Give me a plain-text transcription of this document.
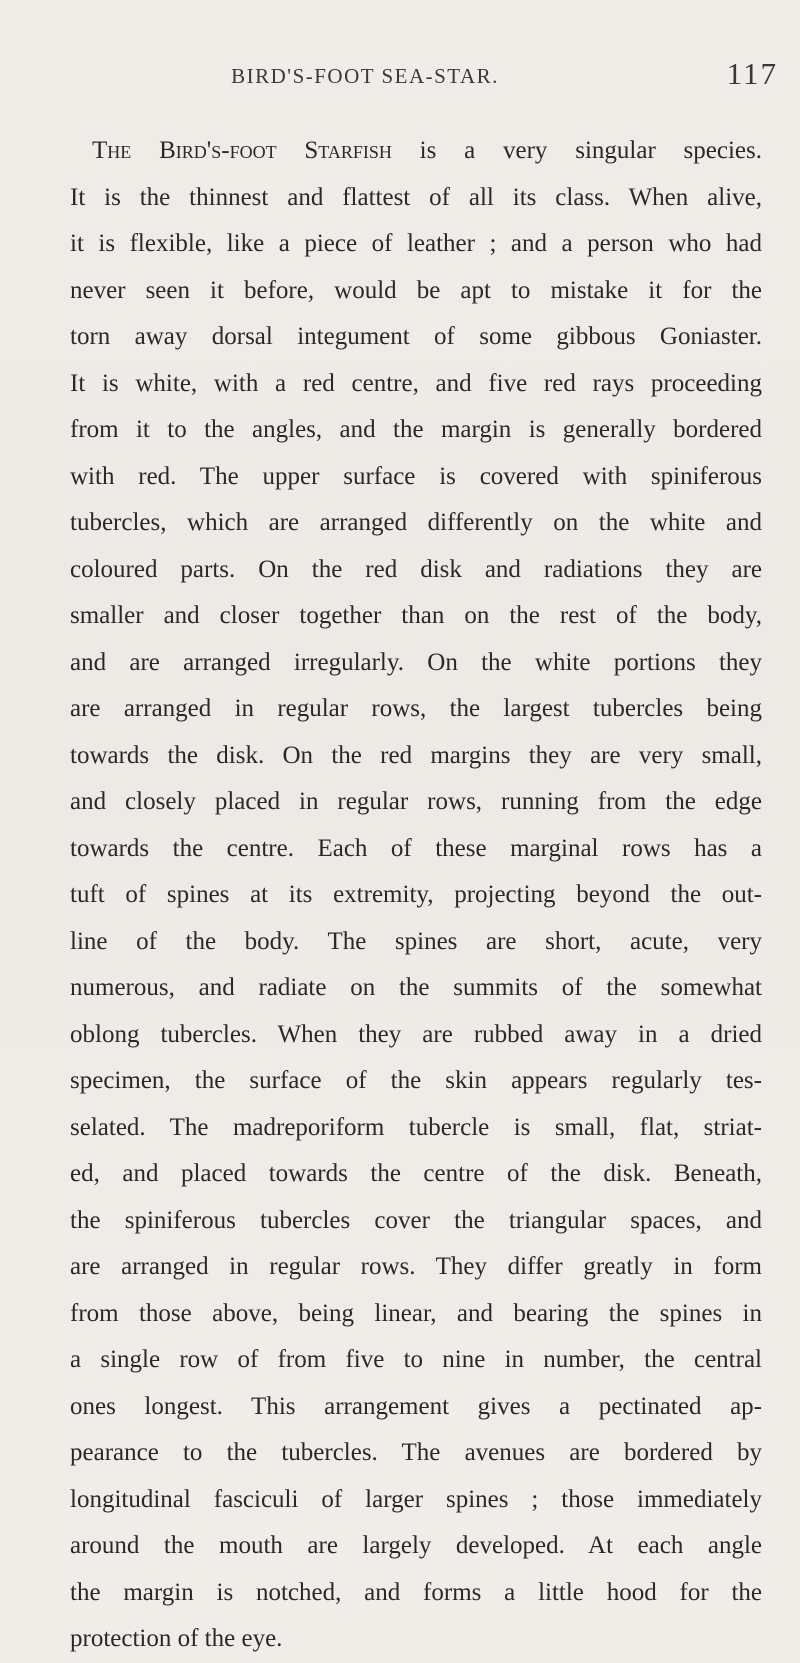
BIRD'S-FOOT SEA-STAR.	117
The Bird's-foot Starfish is a very singular species.
It is the thinnest and flattest of all its class. When alive,
it is flexible, like a piece of leather ; and a person who had
never seen it before, would be apt to mistake it for the
torn away dorsal integument of some gibbous Goniaster.
It is white, with a red centre, and five red rays proceeding
from it to the angles, and the margin is generally bordered
with red. The upper surface is covered with spiniferous
tubercles, which are arranged differently on the white and
coloured parts. On the red disk and radiations they are
smaller and closer together than on the rest of the body,
and are arranged irregularly. On the white portions they
are arranged in regular rows, the largest tubercles being
towards the disk. On the red margins they are very small,
and closely placed in regular rows, running from the edge
towards the centre. Each of these marginal rows has a
tuft of spines at its extremity, projecting beyond the out-
line of the body. The spines are short, acute, very
numerous, and radiate on the summits of the somewhat
oblong tubercles. When they are rubbed away in a dried
specimen, the surface of the skin appears regularly tes-
selated. The madreporiform tubercle is small, flat, striat-
ed, and placed towards the centre of the disk. Beneath,
the spiniferous tubercles cover the triangular spaces, and
are arranged in regular rows. They differ greatly in form
from those above, being linear, and bearing the spines in
a single row of from five to nine in number, the central
ones longest. This arrangement gives a pectinated ap-
pearance to the tubercles. The avenues are bordered by
longitudinal fasciculi of larger spines ; those immediately
around the mouth are largely developed. At each angle
the margin is notched, and forms a little hood for the
protection of the eye.
